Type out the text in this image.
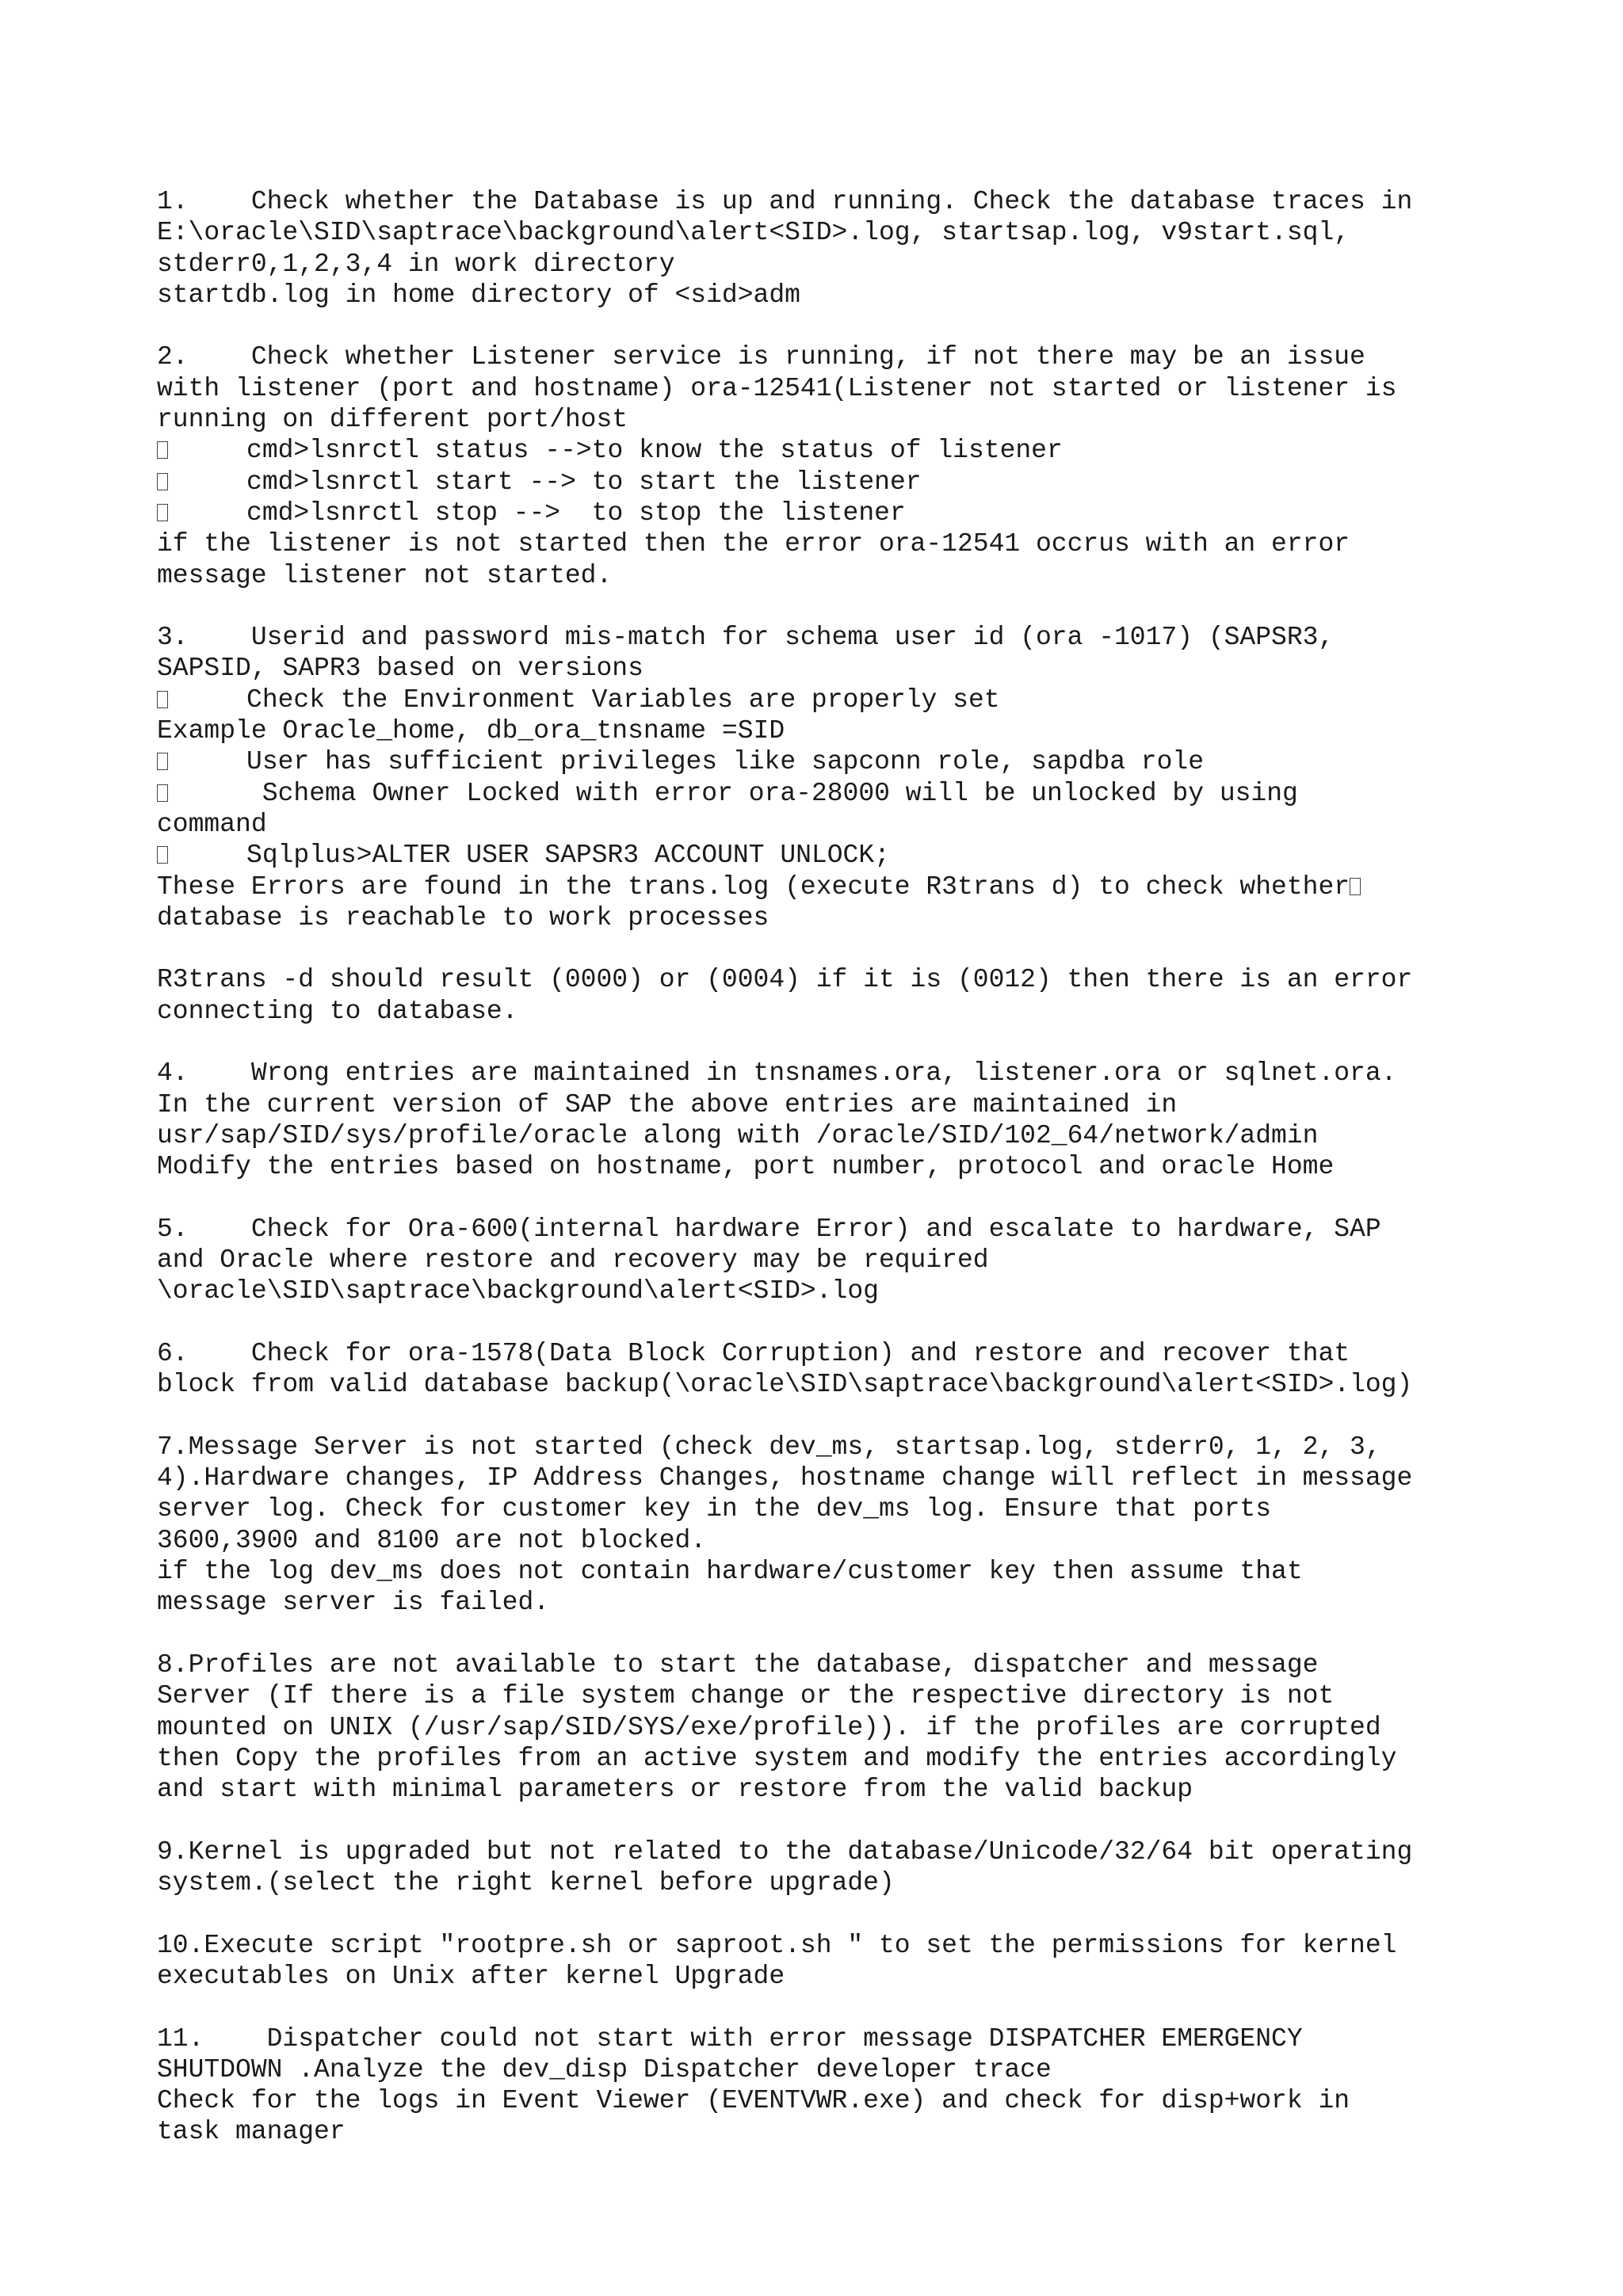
1.    Check whether the Database is up and running. Check the database traces in
E:\oracle\SID\saptrace\background\alert<SID>.log, startsap.log, v9start.sql,
stderr0,1,2,3,4 in work directory
startdb.log in home directory of <sid>adm
2.    Check whether Listener service is running, if not there may be an issue
with listener (port and hostname) ora-12541(Listener not started or listener is
running on different port/host
cmd>lsnrctl status -->to know the status of listener
cmd>lsnrctl start --> to start the listener
cmd>lsnrctl stop -->  to stop the listener
if the listener is not started then the error ora-12541 occrus with an error
message listener not started.
3.    Userid and password mis-match for schema user id (ora -1017) (SAPSR3,
SAPSID, SAPR3 based on versions
Check the Environment Variables are properly set
Example Oracle_home, db_ora_tnsname =SID
User has sufficient privileges like sapconn role, sapdba role
Schema Owner Locked with error ora-28000 will be unlocked by using
command
Sqlplus>ALTER USER SAPSR3 ACCOUNT UNLOCK;
These Errors are found in the trans.log (execute R3trans d) to check whether
database is reachable to work processes
R3trans -d should result (0000) or (0004) if it is (0012) then there is an error
connecting to database.
4.    Wrong entries are maintained in tnsnames.ora, listener.ora or sqlnet.ora.
In the current version of SAP the above entries are maintained in
usr/sap/SID/sys/profile/oracle along with /oracle/SID/102_64/network/admin
Modify the entries based on hostname, port number, protocol and oracle Home
5.    Check for Ora-600(internal hardware Error) and escalate to hardware, SAP
and Oracle where restore and recovery may be required
\oracle\SID\saptrace\background\alert<SID>.log
6.    Check for ora-1578(Data Block Corruption) and restore and recover that
block from valid database backup(\oracle\SID\saptrace\background\alert<SID>.log)
7.Message Server is not started (check dev_ms, startsap.log, stderr0, 1, 2, 3,
4).Hardware changes, IP Address Changes, hostname change will reflect in message
server log. Check for customer key in the dev_ms log. Ensure that ports
3600,3900 and 8100 are not blocked.
if the log dev_ms does not contain hardware/customer key then assume that
message server is failed.
8.Profiles are not available to start the database, dispatcher and message
Server (If there is a file system change or the respective directory is not
mounted on UNIX (/usr/sap/SID/SYS/exe/profile)). if the profiles are corrupted
then Copy the profiles from an active system and modify the entries accordingly
and start with minimal parameters or restore from the valid backup
9.Kernel is upgraded but not related to the database/Unicode/32/64 bit operating
system.(select the right kernel before upgrade)
10.Execute script "rootpre.sh or saproot.sh " to set the permissions for kernel
executables on Unix after kernel Upgrade
11.    Dispatcher could not start with error message DISPATCHER EMERGENCY
SHUTDOWN .Analyze the dev_disp Dispatcher developer trace
Check for the logs in Event Viewer (EVENTVWR.exe) and check for disp+work in
task manager
